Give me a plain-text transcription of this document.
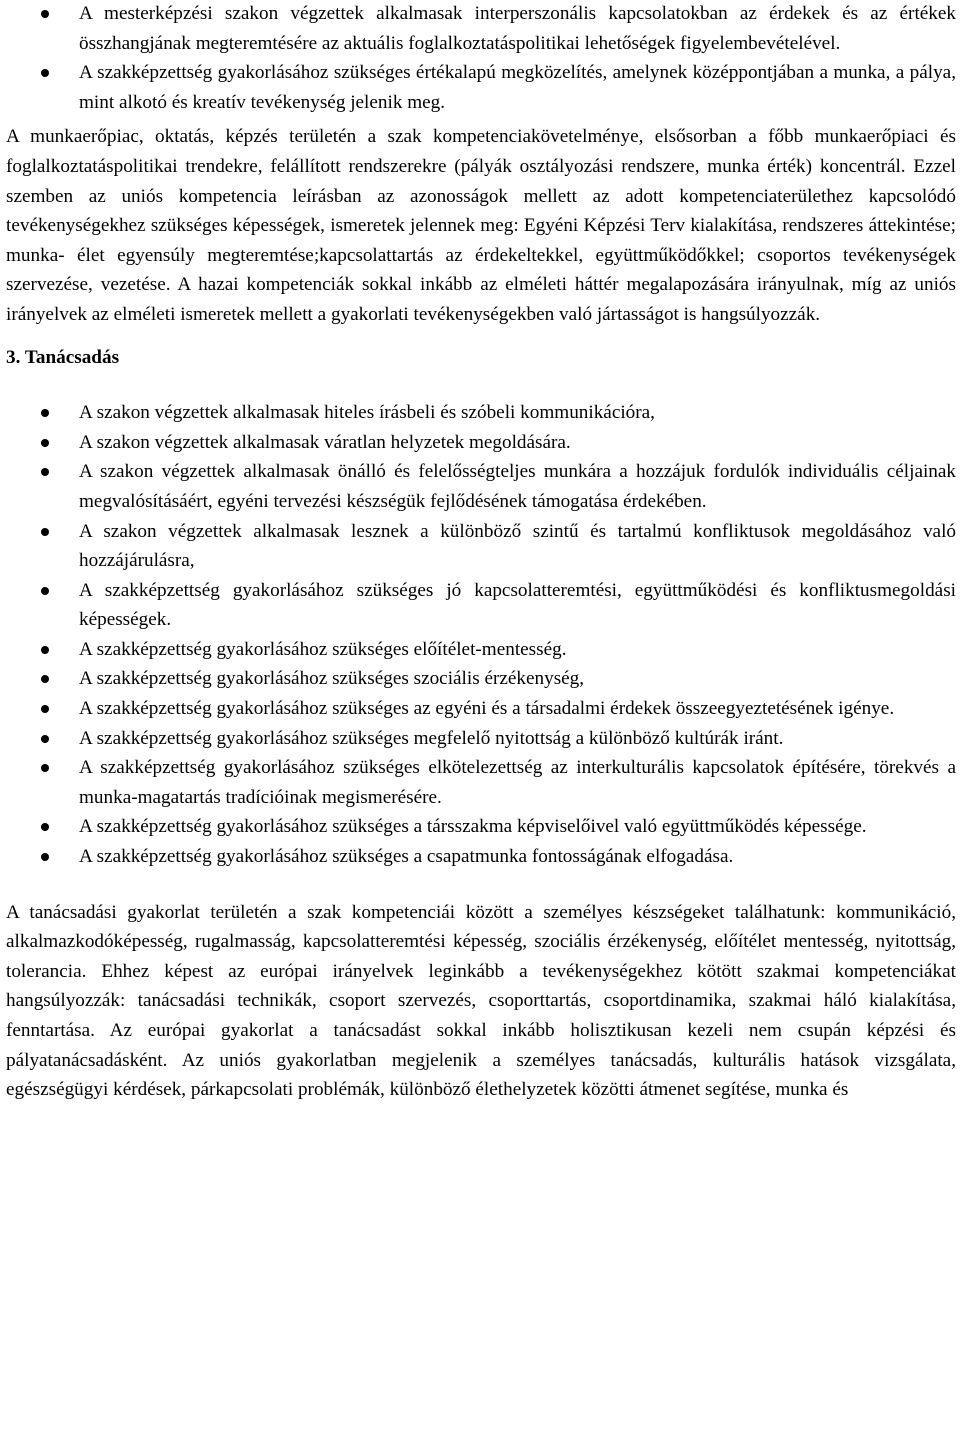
A mesterképzési szakon végzettek alkalmasak interperszonális kapcsolatokban az érdekek és az értékek összhangjának megteremtésére az aktuális foglalkoztatáspolitikai lehetőségek figyelembevételével.
A szakképzettség gyakorlásához szükséges értékalapú megközelítés, amelynek középpontjában a munka, a pálya, mint alkotó és kreatív tevékenység jelenik meg.

A munkaerőpiac, oktatás, képzés területén a szak kompetenciakövetelménye, elsősorban a főbb munkaerőpiaci és foglalkoztatáspolitikai trendekre, felállított rendszerekre (pályák osztályozási rendszere, munka érték) koncentrál. Ezzel szemben az uniós kompetencia leírásban az azonosságok mellett az adott kompetenciaterülethez kapcsolódó tevékenységekhez szükséges képességek, ismeretek jelennek meg: Egyéni Képzési Terv kialakítása, rendszeres áttekintése; munka- élet egyensúly megteremtése;kapcsolattartás az érdekeltekkel, együttműködőkkel; csoportos tevékenységek szervezése, vezetése. A hazai kompetenciák sokkal inkább az elméleti háttér megalapozására irányulnak, míg az uniós irányelvek az elméleti ismeretek mellett a gyakorlati tevékenységekben való jártasságot is hangsúlyozzák.

3. Tanácsadás
A szakon végzettek alkalmasak hiteles írásbeli és szóbeli kommunikációra,
A szakon végzettek alkalmasak váratlan helyzetek megoldására.
A szakon végzettek alkalmasak önálló és felelősségteljes munkára a hozzájuk fordulók individuális céljainak megvalósításáért, egyéni tervezési készségük fejlődésének támogatása érdekében.
A szakon végzettek alkalmasak lesznek a különböző szintű és tartalmú konfliktusok megoldásához való hozzájárulásra,
A szakképzettség gyakorlásához szükséges jó kapcsolatteremtési, együttműködési és konfliktusmegoldási képességek.
A szakképzettség gyakorlásához szükséges előítélet-mentesség.
A szakképzettség gyakorlásához szükséges szociális érzékenység,
A szakképzettség gyakorlásához szükséges az egyéni és a társadalmi érdekek összeegyeztetésének igénye.
A szakképzettség gyakorlásához szükséges megfelelő nyitottság a különböző kultúrák iránt.
A szakképzettség gyakorlásához szükséges elkötelezettség az interkulturális kapcsolatok építésére, törekvés a munka-magatartás tradícióinak megismerésére.
A szakképzettség gyakorlásához szükséges a társszakma képviselőivel való együttműködés képessége.
A szakképzettség gyakorlásához szükséges a csapatmunka fontosságának elfogadása.

A tanácsadási gyakorlat területén a szak kompetenciái között a személyes készségeket találhatunk: kommunikáció, alkalmazkodóképesség, rugalmasság, kapcsolatteremtési képesség, szociális érzékenység, előítélet mentesség, nyitottság, tolerancia. Ehhez képest az európai irányelvek leginkább a tevékenységekhez kötött szakmai kompetenciákat hangsúlyozzák: tanácsadási technikák, csoport szervezés, csoporttartás, csoportdinamika, szakmai háló kialakítása, fenntartása. Az európai gyakorlat a tanácsadást sokkal inkább holisztikusan kezeli nem csupán képzési és pályatanácsadásként. Az uniós gyakorlatban megjelenik a személyes tanácsadás, kulturális hatások vizsgálata, egészségügyi kérdések, párkapcsolati problémák, különböző élethelyzetek közötti átmenet segítése, munka és
